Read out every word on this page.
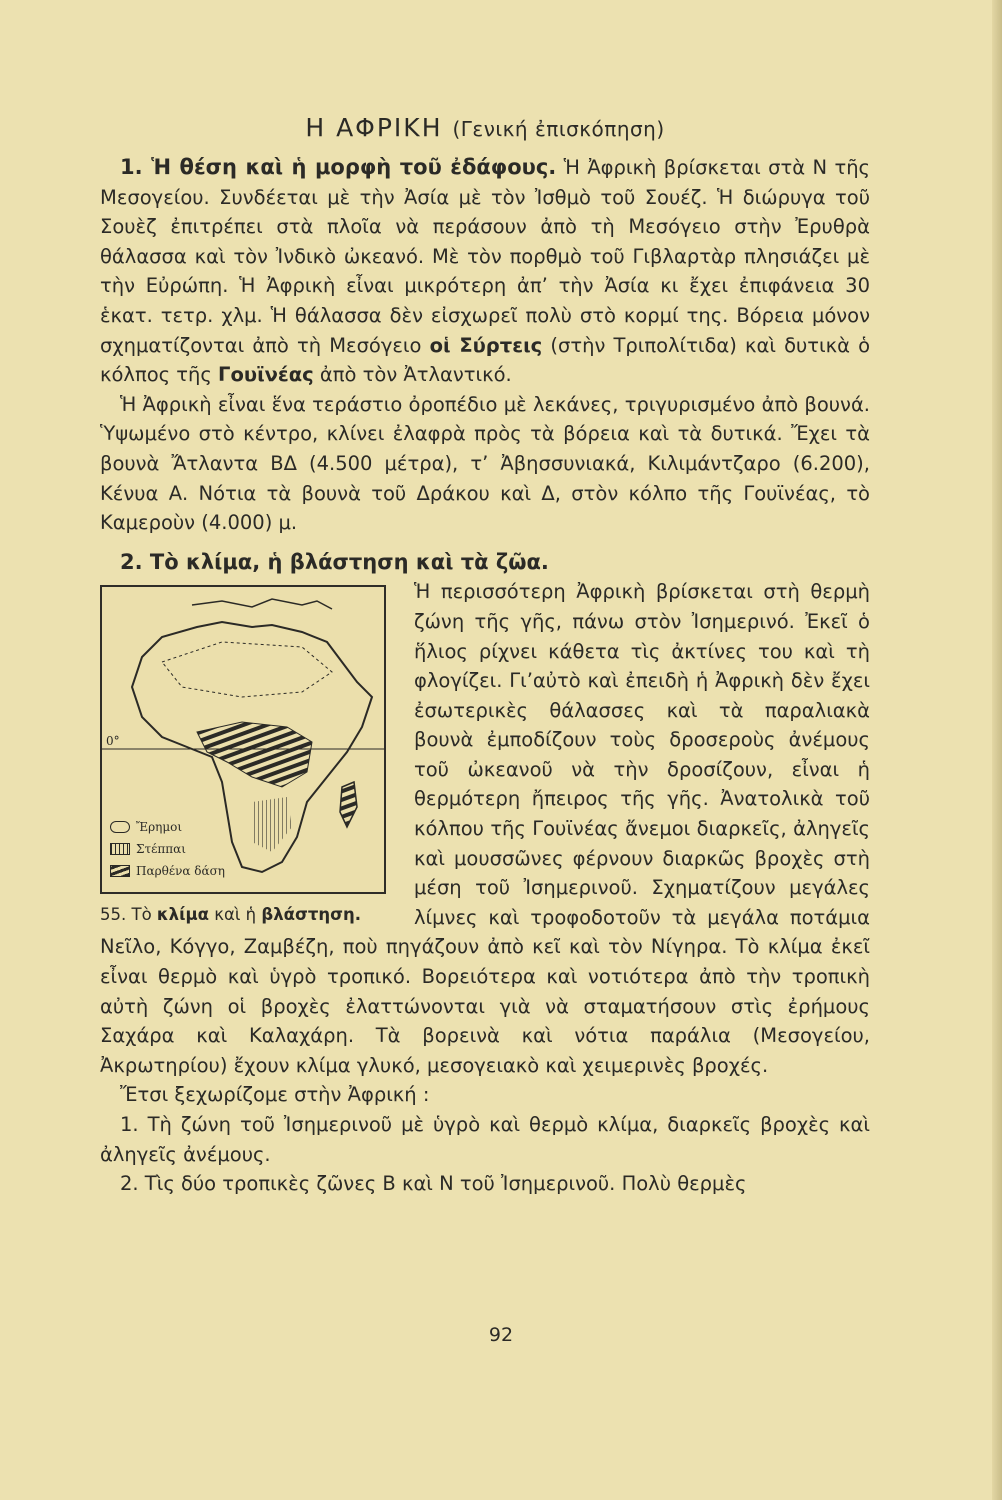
Η ΑΦΡΙΚΗ (Γενική ἐπισκόπηση)

1. Ἡ θέση καὶ ἡ μορφὴ τοῦ ἐδάφους. Ἡ Ἀφρικὴ βρίσκεται στὰ Ν τῆς Μεσογείου. Συνδέεται μὲ τὴν Ἀσία μὲ τὸν Ἰσθμὸ τοῦ Σουέζ. Ἡ διώρυγα τοῦ Σουὲζ ἐπιτρέπει στὰ πλοῖα νὰ περάσουν ἀπὸ τὴ Μεσόγειο στὴν Ἐρυθρὰ θάλασσα καὶ τὸν Ἰνδικὸ ὠκεανό. Μὲ τὸν πορθμὸ τοῦ Γιβλαρτὰρ πλησιάζει μὲ τὴν Εὐρώπη. Ἡ Ἀφρικὴ εἶναι μικρότερη ἀπ’ τὴν Ἀσία κι ἔχει ἐπιφάνεια 30 ἑκατ. τετρ. χλμ. Ἡ θάλασσα δὲν εἰσχωρεῖ πολὺ στὸ κορμί της. Βόρεια μόνον σχηματίζονται ἀπὸ τὴ Μεσόγειο οἱ Σύρτεις (στὴν Τριπολίτιδα) καὶ δυτικὰ ὁ κόλπος τῆς Γουϊνέας ἀπὸ τὸν Ἀτλαντικό.

Ἡ Ἀφρικὴ εἶναι ἕνα τεράστιο ὀροπέδιο μὲ λεκάνες, τριγυρισμένο ἀπὸ βουνά. Ὑψωμένο στὸ κέντρο, κλίνει ἐλαφρὰ πρὸς τὰ βόρεια καὶ τὰ δυτικά. Ἔχει τὰ βουνὰ Ἄτλαντα ΒΔ (4.500 μέτρα), τ’ Ἀβησσυνιακά, Κιλιμάντζαρο (6.200), Κένυα Α. Νότια τὰ βουνὰ τοῦ Δράκου καὶ Δ, στὸν κόλπο τῆς Γουϊνέας, τὸ Καμεροὺν (4.000) μ.

2. Τὸ κλίμα, ἡ βλάστηση καὶ τὰ ζῶα.

0°
Ἔρημοι
Στέππαι
Παρθένα δάση
55. Τὸ κλίμα καὶ ἡ βλάστηση.

Ἡ περισσότερη Ἀφρικὴ βρίσκεται στὴ θερμὴ ζώνη τῆς γῆς, πάνω στὸν Ἰσημερινό. Ἐκεῖ ὁ ἥλιος ρίχνει κάθετα τὶς ἀκτίνες του καὶ τὴ φλογίζει. Γι’αὐτὸ καὶ ἐπειδὴ ἡ Ἀφρικὴ δὲν ἔχει ἐσωτερικὲς θάλασσες καὶ τὰ παραλιακὰ βουνὰ ἐμποδίζουν τοὺς δροσεροὺς ἀνέμους τοῦ ὠκεανοῦ νὰ τὴν δροσίζουν, εἶναι ἡ θερμότερη ἤπειρος τῆς γῆς. Ἀνατολικὰ τοῦ κόλπου τῆς Γουϊνέας ἄνεμοι διαρκεῖς, ἀληγεῖς καὶ μουσσῶνες φέρνουν διαρκῶς βροχὲς στὴ μέση τοῦ Ἰσημερινοῦ. Σχηματίζουν μεγάλες λίμνες καὶ τροφοδοτοῦν τὰ μεγάλα ποτάμια Νεῖλο, Κόγγο, Ζαμβέζη, ποὺ πηγάζουν ἀπὸ κεῖ καὶ τὸν Νίγηρα. Τὸ κλίμα ἐκεῖ εἶναι θερμὸ καὶ ὑγρὸ τροπικό. Βορειότερα καὶ νοτιότερα ἀπὸ τὴν τροπικὴ αὐτὴ ζώνη οἱ βροχὲς ἐλαττώνονται γιὰ νὰ σταματήσουν στὶς ἐρήμους Σαχάρα καὶ Καλαχάρη. Τὰ βορεινὰ καὶ νότια παράλια (Μεσογείου, Ἀκρωτηρίου) ἔχουν κλίμα γλυκό, μεσογειακὸ καὶ χειμερινὲς βροχές.

Ἔτσι ξεχωρίζομε στὴν Ἀφρική :

1. Τὴ ζώνη τοῦ Ἰσημερινοῦ μὲ ὑγρὸ καὶ θερμὸ κλίμα, διαρκεῖς βροχὲς καὶ ἀληγεῖς ἀνέμους.

2. Τὶς δύο τροπικὲς ζῶνες Β καὶ Ν τοῦ Ἰσημερινοῦ. Πολὺ θερμὲς

92
